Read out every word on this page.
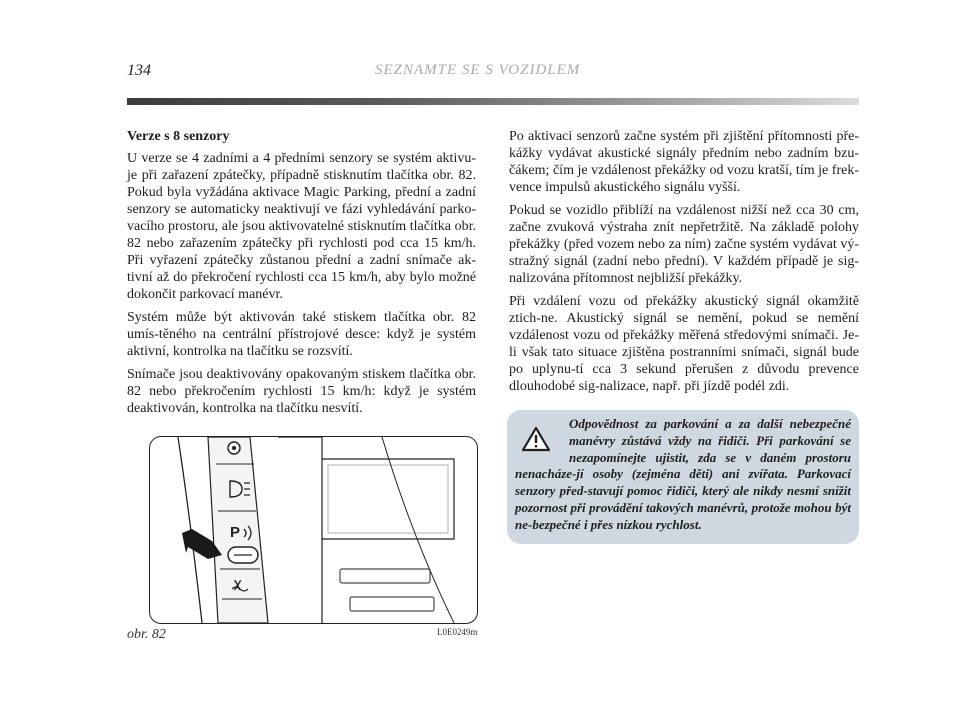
134	SEZNAMTE SE S VOZIDLEM
Verze s 8 senzory

U verze se 4 zadními a 4 předními senzory se systém aktivu-je při zařazení zpátečky, případně stisknutím tlačítka obr. 82. Pokud byla vyžádána aktivace Magic Parking, přední a zadní senzory se automaticky neaktivují ve fázi vyhledávání parko-vacího prostoru, ale jsou aktivovatelné stisknutím tlačítka obr. 82 nebo zařazením zpátečky při rychlosti pod cca 15 km/h. Při vyřazení zpátečky zůstanou přední a zadní snímače ak-tivní až do překročení rychlosti cca 15 km/h, aby bylo možné dokončit parkovací manévr.

Systém může být aktivován také stiskem tlačítka obr. 82 umís-těného na centrální přístrojové desce: když je systém aktivní, kontrolka na tlačítku se rozsvítí.

Snímače jsou deaktivovány opakovaným stiskem tlačítka obr. 82 nebo překročením rychlosti 15 km/h: když je systém deaktivován, kontrolka na tlačítku nesvítí.

Po aktivaci senzorů začne systém při zjištění přítomnosti pře-kážky vydávat akustické signály předním nebo zadním bzu-čákem; čím je vzdálenost překážky od vozu kratší, tím je frek-vence impulsů akustického signálu vyšší.

Pokud se vozidlo přiblíží na vzdálenost nižší než cca 30 cm, začne zvuková výstraha znít nepřetržitě. Na základě polohy překážky (před vozem nebo za ním) začne systém vydávat vý-stražný signál (zadní nebo přední). V každém případě je sig-nalizována přítomnost nejbližší překážky.

Při vzdálení vozu od překážky akustický signál okamžitě ztich-ne. Akustický signál se nemění, pokud se nemění vzdálenost vozu od překážky měřená středovými snímači. Je-li však tato situace zjištěna postranními snímači, signál bude po uplynu-tí cca 3 sekund přerušen z důvodu prevence dlouhodobé sig-nalizace, např. při jízdě podél zdi.

Odpovědnost za parkování a za další nebezpečné manévry zůstává vždy na řidiči. Při parkování se nezapomínejte ujistit, zda se v daném prostoru nenacháze-jí osoby (zejména děti) ani zvířata. Parkovací senzory před-stavují pomoc řidiči, který ale nikdy nesmí snížit pozornost při provádění takových manévrů, protože mohou být ne-bezpečné i přes nízkou rychlost.
P
ꭓ
obr. 82	L0E0249m
